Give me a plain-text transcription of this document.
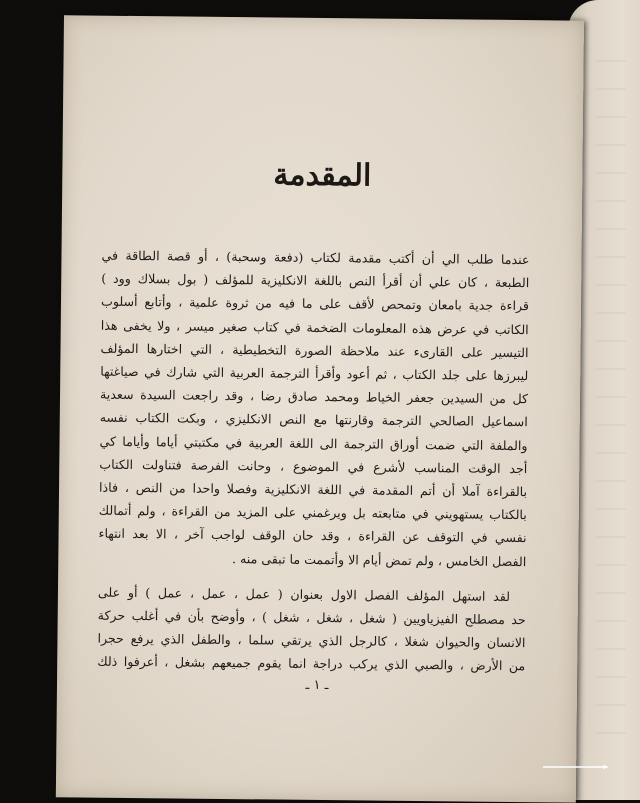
المقدمة
عندما طلب الي أن أكتب مقدمة لكتاب (دفعة وسحبة) ، أو قصة الطاقة في
الطبعة ، كان علي أن أقرأ النص باللغة الانكليزية للمؤلف ( بول بسلاك وود )
قراءة جدية بامعان وتمحص لأقف على ما فيه من ثروة علمية ، وأتابع أسلوب
الكاتب في عرض هذه المعلومات الضخمة في كتاب صغير ميسر ، ولا يخفى هذا
التيسير على القارىء عند ملاحظة الصورة التخطيطية ، التي اختارها المؤلف
ليبرزها على جلد الكتاب ، ثم أعود وأقرأ الترجمة العربية التي شارك في صياغتها
كل من السيدين جعفر الخياط ومحمد صادق رضا ، وقد راجعت السيدة سعدية
اسماعيل الصالحي الترجمة وقارنتها مع النص الانكليزي ، وبكت الكتاب نفسه
والملفة التي ضمت أوراق الترجمة الى اللغة العربية في مكتبتي أياما وأياما كي
أجد الوقت المناسب لأشرع في الموضوع ، وحانت الفرصة فتناولت الكتاب
بالقراءة آملا أن أتم المقدمة في اللغة الانكليزية وفصلا واحدا من النص ، فاذا
بالكتاب يستهويني في متابعته بل ويرغمني على المزيد من القراءة ، ولم أتمالك
نفسي في التوقف عن القراءة ، وقد حان الوقف لواجب آخر ، الا بعد انتهاء
الفصل الخامس ، ولم تمض أيام الا وأتممت ما تبقى منه .
لقد استهل المؤلف الفصل الاول بعنوان ( عمل ، عمل ، عمل ) أو على
حد مصطلح الفيزياويين ( شغل ، شغل ، شغل ) ، وأوضح بأن في أغلب حركة
الانسان والحيوان شغلا ، كالرجل الذي يرتقي سلما ، والطفل الذي يرفع حجرا
من الأرض ، والصبي الذي يركب دراجة انما يقوم جميعهم بشغل ، أعرفوا ذلك
ـ ١ ـ
